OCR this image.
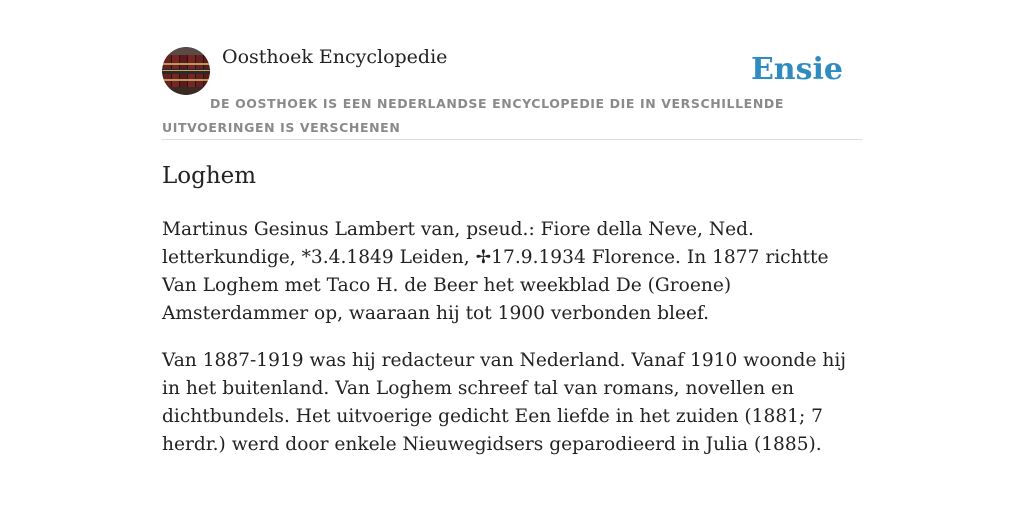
Oosthoek Encyclopedie	Ensie
DE OOSTHOEK IS EEN NEDERLANDSE ENCYCLOPEDIE DIE IN VERSCHILLENDE UITVOERINGEN IS VERSCHENEN
Loghem

Martinus Gesinus Lambert van, pseud.: Fiore della Neve, Ned. letterkundige, *3.4.1849 Leiden, ✢17.9.1934 Florence. In 1877 richtte Van Loghem met Taco H. de Beer het weekblad De (Groene) Amsterdammer op, waaraan hij tot 1900 verbonden bleef.

Van 1887-1919 was hij redacteur van Nederland. Vanaf 1910 woonde hij in het buitenland. Van Loghem schreef tal van romans, novellen en dichtbundels. Het uitvoerige gedicht Een liefde in het zuiden (1881; 7 herdr.) werd door enkele Nieuwegidsers geparodieerd in Julia (1885).
